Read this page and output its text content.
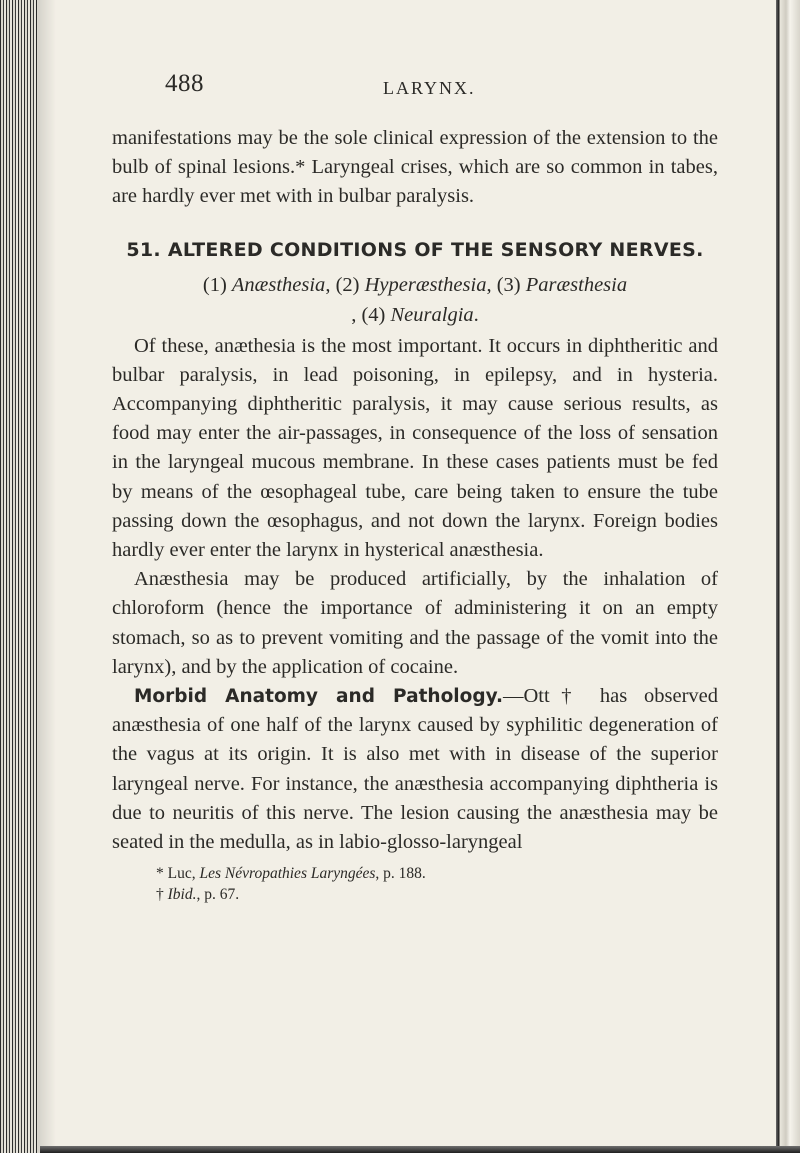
488	LARYNX.

manifestations may be the sole clinical expression of the extension to the bulb of spinal lesions.* Laryngeal crises, which are so common in tabes, are hardly ever met with in bulbar paralysis.

51. ALTERED CONDITIONS OF THE SENSORY NERVES.
(1) Anæsthesia, (2) Hyperæsthesia, (3) Paræsthesia
, (4) Neuralgia.

Of these, anæthesia is the most important. It occurs in diphtheritic and bulbar paralysis, in lead poisoning, in epilepsy, and in hysteria. Accompanying diphtheritic paralysis, it may cause serious results, as food may enter the air-passages, in consequence of the loss of sensation in the laryngeal mucous membrane. In these cases patients must be fed by means of the œsophageal tube, care being taken to ensure the tube passing down the œsophagus, and not down the larynx. Foreign bodies hardly ever enter the larynx in hysterical anæsthesia.

Anæsthesia may be produced artificially, by the inhalation of chloroform (hence the importance of administering it on an empty stomach, so as to prevent vomiting and the passage of the vomit into the larynx), and by the application of cocaine.

Morbid Anatomy and Pathology.—Ott† has observed anæsthesia of one half of the larynx caused by syphilitic degeneration of the vagus at its origin. It is also met with in disease of the superior laryngeal nerve. For instance, the anæsthesia accompanying diphtheria is due to neuritis of this nerve. The lesion causing the anæsthesia may be seated in the medulla, as in labio-glosso-laryngeal

* Luc, Les Névropathies Laryngées, p. 188.
† Ibid., p. 67.
